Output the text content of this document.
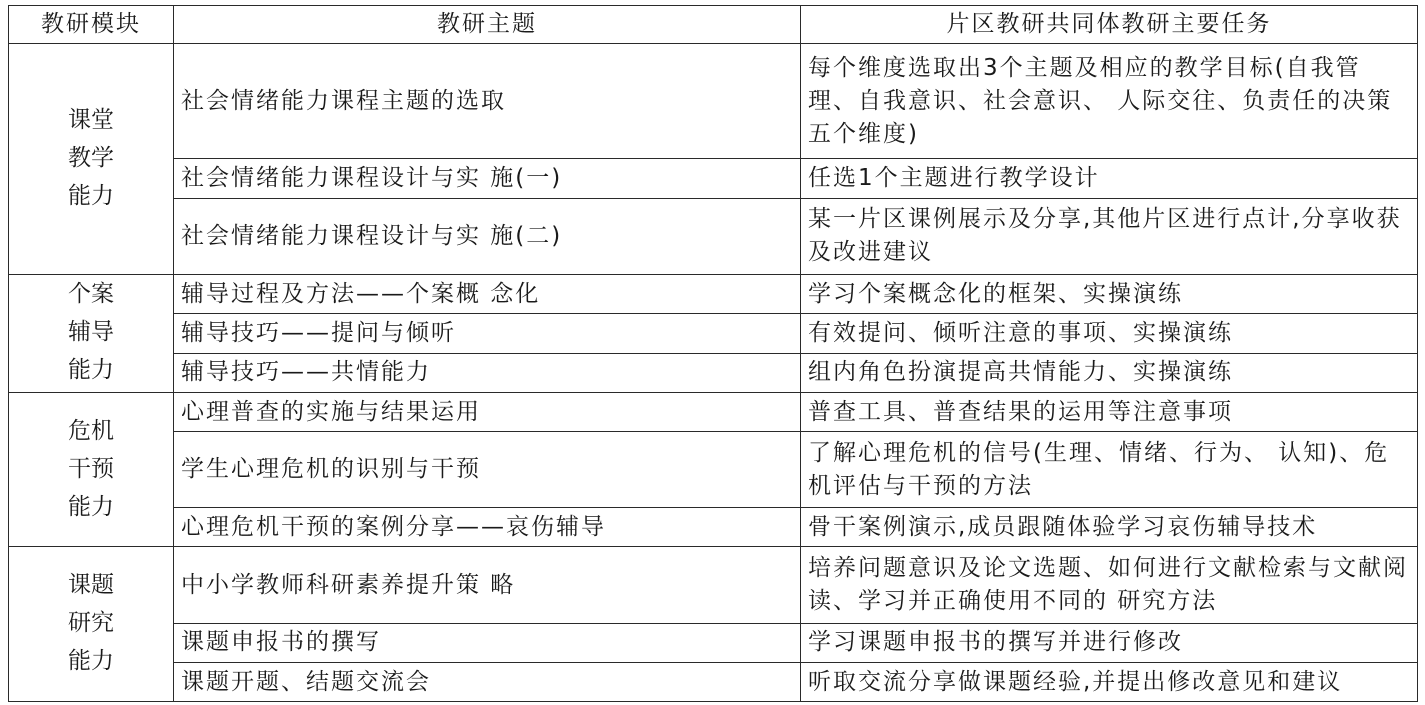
教研模块	教研主题	片区教研共同体教研主要任务

课堂
教学
能力	社会情绪能力课程主题的选取	每个维度选取出3个主题及相应的教学目标(自我管理、自我意识、社会意识、 人际交往、负责任的决策五个维度)
	社会情绪能力课程设计与实 施(一)	任选1个主题进行教学设计
	社会情绪能力课程设计与实 施(二)	某一片区课例展示及分享,其他片区进行点计,分享收获及改进建议

个案
辅导
能力	辅导过程及方法——个案概 念化	学习个案概念化的框架、实操演练
	辅导技巧——提问与倾听	有效提问、倾听注意的事项、实操演练
	辅导技巧——共情能力	组内角色扮演提高共情能力、实操演练

危机
干预
能力	心理普查的实施与结果运用	普查工具、普查结果的运用等注意事项
	学生心理危机的识别与干预	了解心理危机的信号(生理、情绪、行为、 认知)、危机评估与干预的方法
	心理危机干预的案例分享——哀伤辅导	骨干案例演示,成员跟随体验学习哀伤辅导技术

课题
研究
能力	中小学教师科研素养提升策 略	培养问题意识及论文选题、如何进行文献检索与文献阅读、学习并正确使用不同的 研究方法
	课题申报书的撰写	学习课题申报书的撰写并进行修改
	课题开题、结题交流会	听取交流分享做课题经验,并提出修改意见和建议
